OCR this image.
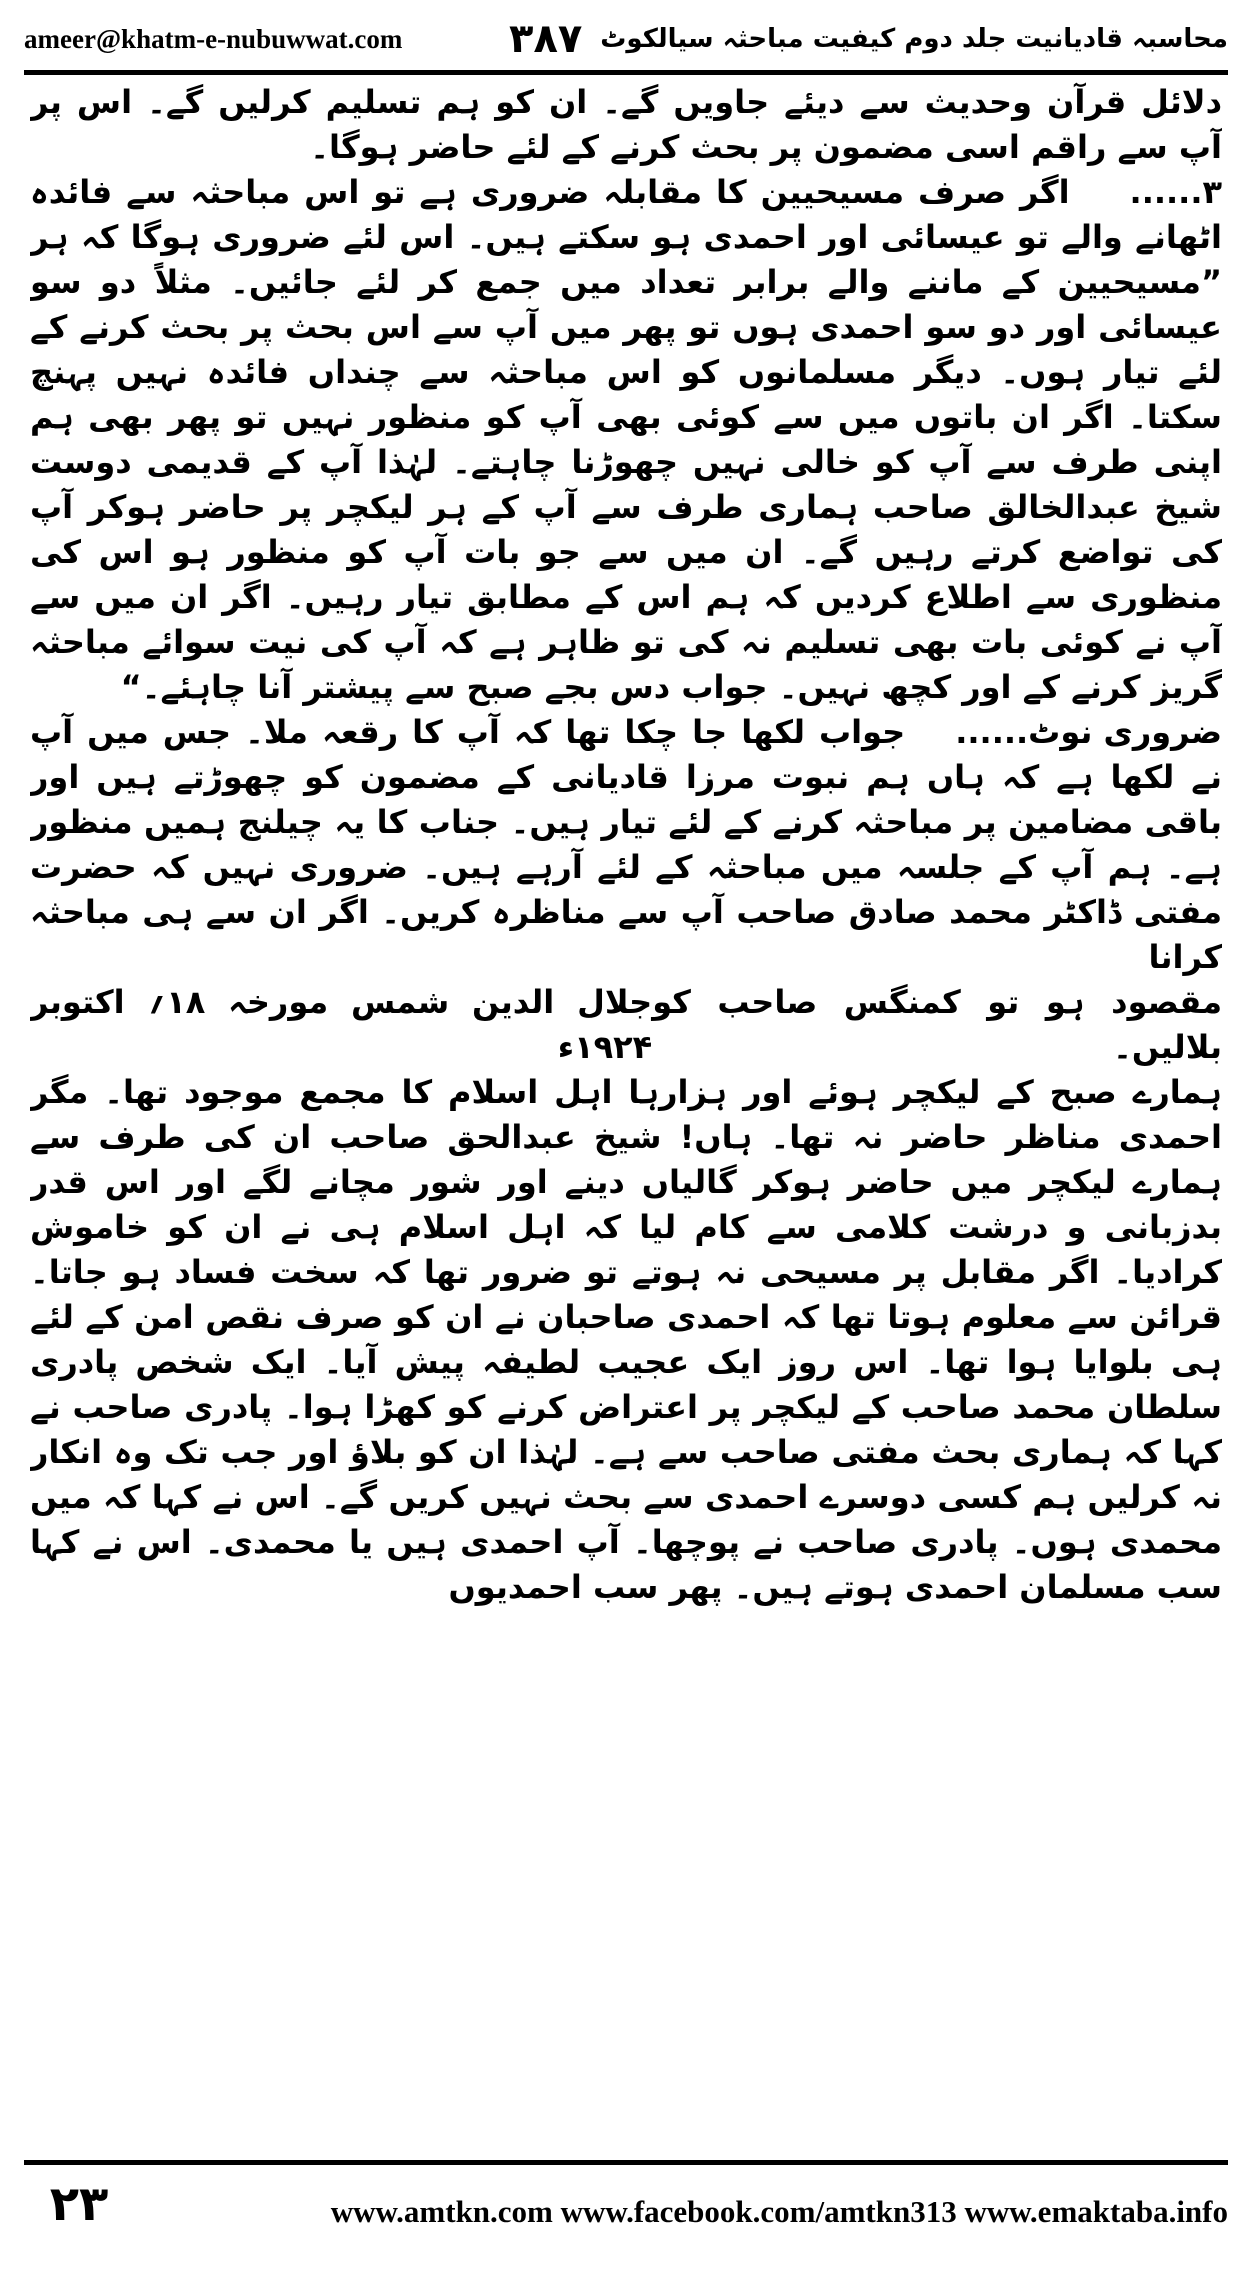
ameer@khatm-e-nubuwwat.com	محاسبہ قادیانیت جلد دوم کیفیت مباحثہ سیالکوٹ
۳۸۷

دلائل قرآن وحدیث سے دیئے جاویں گے۔ ان کو ہم تسلیم کرلیں گے۔ اس پر آپ سے راقم اسی مضمون پر بحث کرنے کے لئے حاضر ہوگا۔

۳......اگر صرف مسیحیین کا مقابلہ ضروری ہے تو اس مباحثہ سے فائدہ اٹھانے والے تو عیسائی اور احمدی ہو سکتے ہیں۔ اس لئے ضروری ہوگا کہ ہر ”مسیحیین کے ماننے والے برابر تعداد میں جمع کر لئے جائیں۔ مثلاً دو سو عیسائی اور دو سو احمدی ہوں تو پھر میں آپ سے اس بحث پر بحث کرنے کے لئے تیار ہوں۔ دیگر مسلمانوں کو اس مباحثہ سے چنداں فائدہ نہیں پہنچ سکتا۔ اگر ان باتوں میں سے کوئی بھی آپ کو منظور نہیں تو پھر بھی ہم اپنی طرف سے آپ کو خالی نہیں چھوڑنا چاہتے۔ لہٰذا آپ کے قدیمی دوست شیخ عبدالخالق صاحب ہماری طرف سے آپ کے ہر لیکچر پر حاضر ہوکر آپ کی تواضع کرتے رہیں گے۔ ان میں سے جو بات آپ کو منظور ہو اس کی منظوری سے اطلاع کردیں کہ ہم اس کے مطابق تیار رہیں۔ اگر ان میں سے آپ نے کوئی بات بھی تسلیم نہ کی تو ظاہر ہے کہ آپ کی نیت سوائے مباحثہ گریز کرنے کے اور کچھ نہیں۔ جواب دس بجے صبح سے پیشتر آنا چاہئے۔“

ضروری نوٹ......جواب لکھا جا چکا تھا کہ آپ کا رقعہ ملا۔ جس میں آپ نے لکھا ہے کہ ہاں ہم نبوت مرزا قادیانی کے مضمون کو چھوڑتے ہیں اور باقی مضامین پر مباحثہ کرنے کے لئے تیار ہیں۔ جناب کا یہ چیلنج ہمیں منظور ہے۔ ہم آپ کے جلسہ میں مباحثہ کے لئے آرہے ہیں۔ ضروری نہیں کہ حضرت مفتی ڈاکٹر محمد صادق صاحب آپ سے مناظرہ کریں۔ اگر ان سے ہی مباحثہ کرانا

مقصود ہو تو کمنگس صاحب کو بلالیں۔
جلال الدین شمس مورخہ ۱۸؍ اکتوبر ۱۹۲۴ء

ہمارے صبح کے لیکچر ہوئے اور ہزارہا اہل اسلام کا مجمع موجود تھا۔ مگر احمدی مناظر حاضر نہ تھا۔ ہاں! شیخ عبدالحق صاحب ان کی طرف سے ہمارے لیکچر میں حاضر ہوکر گالیاں دینے اور شور مچانے لگے اور اس قدر بدزبانی و درشت کلامی سے کام لیا کہ اہل اسلام ہی نے ان کو خاموش کرادیا۔ اگر مقابل پر مسیحی نہ ہوتے تو ضرور تھا کہ سخت فساد ہو جاتا۔ قرائن سے معلوم ہوتا تھا کہ احمدی صاحبان نے ان کو صرف نقص امن کے لئے ہی بلوایا ہوا تھا۔ اس روز ایک عجیب لطیفہ پیش آیا۔ ایک شخص پادری سلطان محمد صاحب کے لیکچر پر اعتراض کرنے کو کھڑا ہوا۔ پادری صاحب نے کہا کہ ہماری بحث مفتی صاحب سے ہے۔ لہٰذا ان کو بلاؤ اور جب تک وہ انکار نہ کرلیں ہم کسی دوسرے احمدی سے بحث نہیں کریں گے۔ اس نے کہا کہ میں محمدی ہوں۔ پادری صاحب نے پوچھا۔ آپ احمدی ہیں یا محمدی۔ اس نے کہا سب مسلمان احمدی ہوتے ہیں۔ پھر سب احمدیوں

۲۳	www.amtkn.com www.facebook.com/amtkn313 www.emaktaba.info
